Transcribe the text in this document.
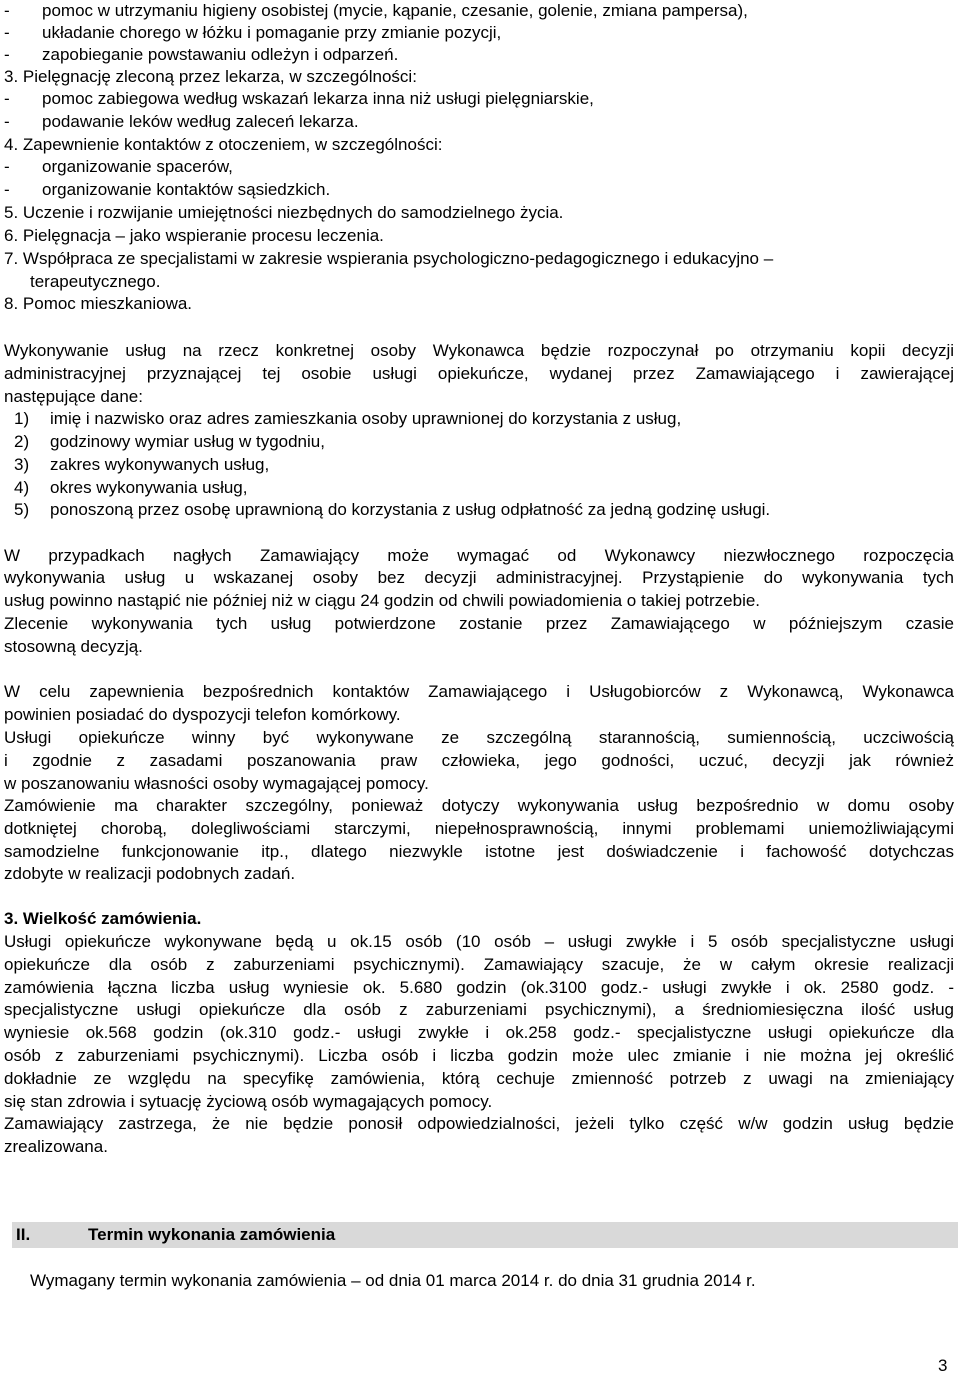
- pomoc w utrzymaniu higieny osobistej (mycie, kąpanie, czesanie, golenie, zmiana pampersa),
- układanie chorego w łóżku i pomaganie przy zmianie pozycji,
- zapobieganie powstawaniu odleżyn i odparzeń.
3. Pielęgnację zleconą przez lekarza, w szczególności:
- pomoc zabiegowa według wskazań lekarza inna niż usługi pielęgniarskie,
- podawanie leków według zaleceń lekarza.
4. Zapewnienie kontaktów z otoczeniem, w szczególności:
- organizowanie spacerów,
- organizowanie kontaktów sąsiedzkich.
5. Uczenie i rozwijanie umiejętności niezbędnych do samodzielnego życia.
6. Pielęgnacja – jako wspieranie procesu leczenia.
7. Współpraca ze specjalistami w zakresie wspierania psychologiczno-pedagogicznego i edukacyjno –
terapeutycznego.
8. Pomoc mieszkaniowa.
Wykonywanie usług na rzecz konkretnej osoby Wykonawca będzie rozpoczynał po otrzymaniu kopii decyzji
administracyjnej przyznającej tej osobie usługi opiekuńcze, wydanej przez Zamawiającego i zawierającej
następujące dane:
1) imię i nazwisko oraz adres zamieszkania osoby uprawnionej do korzystania z usług,
2) godzinowy wymiar usług w tygodniu,
3) zakres wykonywanych usług,
4) okres wykonywania usług,
5) ponoszoną przez osobę uprawnioną do korzystania z usług odpłatność za jedną godzinę usługi.
W przypadkach nagłych Zamawiający może wymagać od Wykonawcy niezwłocznego rozpoczęcia
wykonywania usług u wskazanej osoby bez decyzji administracyjnej. Przystąpienie do wykonywania tych
usług powinno nastąpić nie później niż w ciągu 24 godzin od chwili powiadomienia o takiej potrzebie.
Zlecenie wykonywania tych usług potwierdzone zostanie przez Zamawiającego w późniejszym czasie
stosowną decyzją.
W celu zapewnienia bezpośrednich kontaktów Zamawiającego i Usługobiorców z Wykonawcą, Wykonawca
powinien posiadać do dyspozycji telefon komórkowy.
Usługi opiekuńcze winny być wykonywane ze szczególną starannością, sumiennością, uczciwością
i zgodnie z zasadami poszanowania praw człowieka, jego godności, uczuć, decyzji jak również
w poszanowaniu własności osoby wymagającej pomocy.
Zamówienie ma charakter szczególny, ponieważ dotyczy wykonywania usług bezpośrednio w domu osoby
dotkniętej chorobą, dolegliwościami starczymi, niepełnosprawnością, innymi problemami uniemożliwiającymi
samodzielne funkcjonowanie itp., dlatego niezwykle istotne jest doświadczenie i fachowość dotychczas
zdobyte w realizacji podobnych zadań.
3. Wielkość zamówienia.
Usługi opiekuńcze wykonywane będą u ok.15 osób (10 osób – usługi zwykłe i 5 osób specjalistyczne usługi
opiekuńcze dla osób z zaburzeniami psychicznymi). Zamawiający szacuje, że w całym okresie realizacji
zamówienia łączna liczba usług wyniesie ok. 5.680 godzin (ok.3100 godz.- usługi zwykłe i ok. 2580 godz. -
specjalistyczne usługi opiekuńcze dla osób z zaburzeniami psychicznymi), a średniomiesięczna ilość usług
wyniesie ok.568 godzin (ok.310 godz.- usługi zwykłe i ok.258 godz.- specjalistyczne usługi opiekuńcze dla
osób z zaburzeniami psychicznymi). Liczba osób i liczba godzin może ulec zmianie i nie można jej określić
dokładnie ze względu na specyfikę zamówienia, którą cechuje zmienność potrzeb z uwagi na zmieniający
się stan zdrowia i sytuację życiową osób wymagających pomocy.
Zamawiający zastrzega, że nie będzie ponosił odpowiedzialności, jeżeli tylko część w/w godzin usług będzie
zrealizowana.
II.	Termin wykonania zamówienia
Wymagany termin wykonania zamówienia – od dnia 01 marca 2014 r. do dnia 31 grudnia 2014 r.
3
